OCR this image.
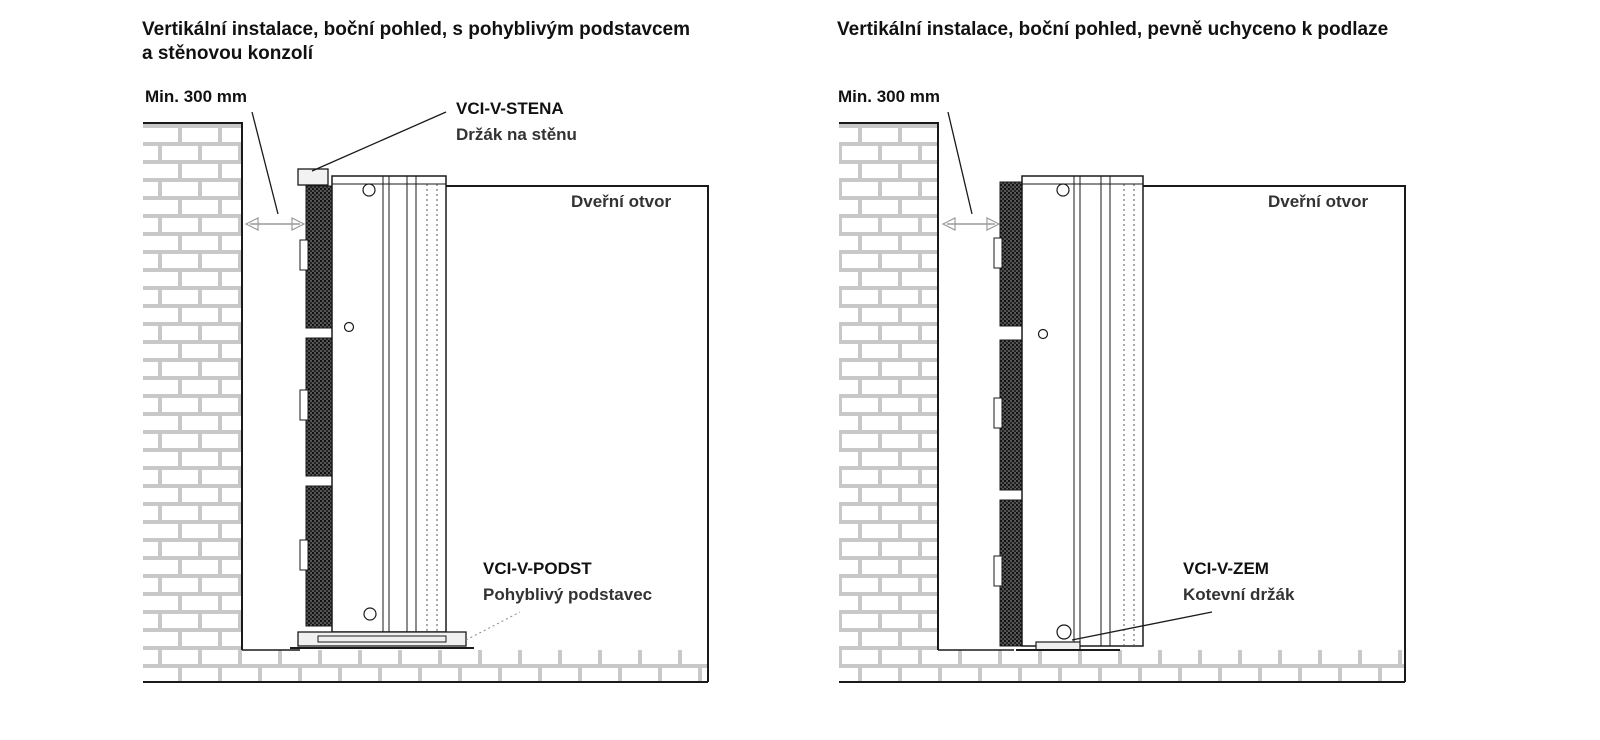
Vertikální instalace, boční pohled, s pohyblivým podstavcem
a stěnovou konzolí
Vertikální instalace, boční pohled, pevně uchyceno k podlaze
Min. 300 mm
VCI-V-STENA
Držák na stěnu
Dveřní otvor
VCI-V-PODST
Pohyblivý podstavec
Min. 300 mm
Dveřní otvor
VCI-V-ZEM
Kotevní držák
